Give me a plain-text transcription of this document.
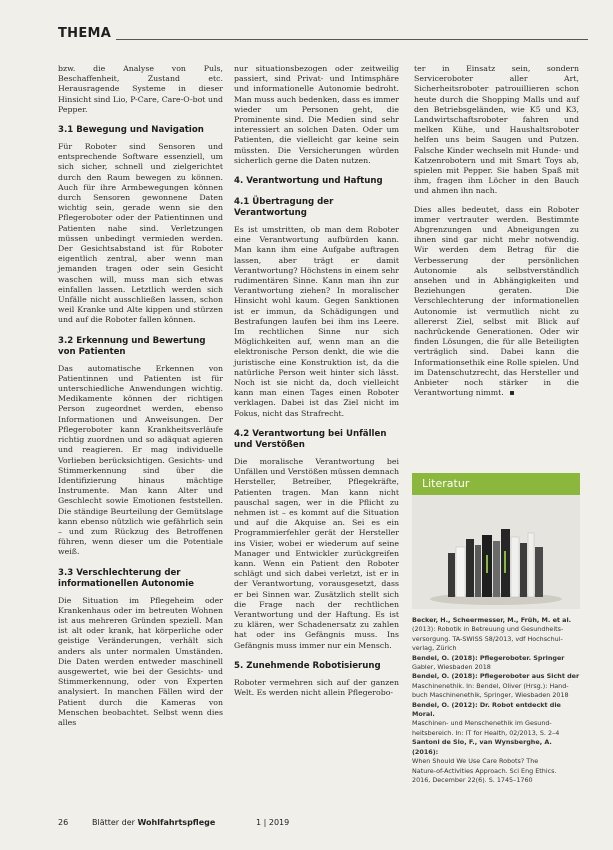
THEMA

bzw. die Analyse von Puls, Beschaffenheit, Zustand etc. Herausragende Systeme in dieser Hinsicht sind Lio, P-Care, Care-O-bot und Pepper.

3.1 Bewegung und Navigation

Für Roboter sind Sensoren und entsprechende Software essenziell, um sich sicher, schnell und zielgerichtet durch den Raum bewegen zu können. Auch für ihre Armbewegungen können durch Sensoren gewonnene Daten wichtig sein, gerade wenn sie den Pflegeroboter oder der Patientinnen und Patienten nahe sind. Verletzungen müssen unbedingt vermieden werden. Der Gesichtsabstand ist für Roboter eigentlich zentral, aber wenn man jemanden tragen oder sein Gesicht waschen will, muss man sich etwas einfallen lassen. Letztlich werden sich Unfälle nicht ausschließen lassen, schon weil Kranke und Alte kippen und stürzen und auf die Roboter fallen können.

3.2 Erkennung und Bewertung von Patienten

Das automatische Erkennen von Patientinnen und Patienten ist für unterschiedliche Anwendungen wichtig. Medikamente können der richtigen Person zugeordnet werden, ebenso Informationen und Anweisungen. Der Pflegeroboter kann Krankheitsverläufe richtig zuordnen und so adäquat agieren und reagieren. Er mag individuelle Vorlieben berücksichtigen. Gesichts- und Stimmerkennung sind über die Identifizierung hinaus mächtige Instrumente. Man kann Alter und Geschlecht sowie Emotionen feststellen. Die ständige Beurteilung der Gemütslage kann ebenso nützlich wie gefährlich sein – und zum Rückzug des Betroffenen führen, wenn dieser um die Potentiale weiß.

3.3 Verschlechterung der informationellen Autonomie

Die Situation im Pflegeheim oder Krankenhaus oder im betreuten Wohnen ist aus mehreren Gründen speziell. Man ist alt oder krank, hat körperliche oder geistige Veränderungen, verhält sich anders als unter normalen Umständen. Die Daten werden entweder maschinell ausgewertet, wie bei der Gesichts- und Stimmerkennung, oder von Experten analysiert. In manchen Fällen wird der Patient durch die Kameras von Menschen beobachtet. Selbst wenn dies alles

nur situationsbezogen oder zeitweilig passiert, sind Privat- und Intimsphäre und informationelle Autonomie bedroht. Man muss auch bedenken, dass es immer wieder um Personen geht, die Prominente sind. Die Medien sind sehr interessiert an solchen Daten. Oder um Patienten, die vielleicht gar keine sein müssten. Die Versicherungen würden sicherlich gerne die Daten nutzen.

4. Verantwortung und Haftung
4.1 Übertragung der Verantwortung

Es ist umstritten, ob man dem Roboter eine Verantwortung aufbürden kann. Man kann ihm eine Aufgabe auftragen lassen, aber trägt er damit Verantwortung? Höchstens in einem sehr rudimentären Sinne. Kann man ihn zur Verantwortung ziehen? In moralischer Hinsicht wohl kaum. Gegen Sanktionen ist er immun, da Schädigungen und Bestrafungen laufen bei ihm ins Leere. Im rechtlichen Sinne nur sich Möglichkeiten auf, wenn man an die elektronische Person denkt, die wie die juristische eine Konstruktion ist, da die natürliche Person weit hinter sich lässt. Noch ist sie nicht da, doch vielleicht kann man einen Tages einen Roboter verklagen. Dabei ist das Ziel nicht im Fokus, nicht das Strafrecht.

4.2 Verantwortung bei Unfällen und Verstößen

Die moralische Verantwortung bei Unfällen und Verstößen müssen demnach Hersteller, Betreiber, Pflegekräfte, Patienten tragen. Man kann nicht pauschal sagen, wer in die Pflicht zu nehmen ist – es kommt auf die Situation und auf die Akquise an. Sei es ein Programmierfehler gerät der Hersteller ins Visier, wobei er wiederum auf seine Manager und Entwickler zurückgreifen kann. Wenn ein Patient den Roboter schlägt und sich dabei verletzt, ist er in der Verantwortung, vorausgesetzt, dass er bei Sinnen war. Zusätzlich stellt sich die Frage nach der rechtlichen Verantwortung und der Haftung. Es ist zu klären, wer Schadenersatz zu zahlen hat oder ins Gefängnis muss. Ins Gefängnis muss immer nur ein Mensch.

5. Zunehmende Robotisierung

Roboter vermehren sich auf der ganzen Welt. Es werden nicht allein Pflegerobo-

ter in Einsatz sein, sondern Serviceroboter aller Art, Sicherheitsroboter patrouillieren schon heute durch die Shopping Malls und auf den Betriebsgeländen, wie K5 und K3, Landwirtschaftsroboter fahren und melken Kühe, und Haushaltsroboter helfen uns beim Saugen und Putzen. Falsche Kinder wechseln mit Hunde- und Katzenrobotern und mit Smart Toys ab, spielen mit Pepper. Sie haben Spaß mit ihm, fragen ihm Löcher in den Bauch und ahmen ihn nach.

Dies alles bedeutet, dass ein Roboter immer vertrauter werden. Bestimmte Abgrenzungen und Abneigungen zu ihnen sind gar nicht mehr notwendig. Wir werden dem Betrag für die Verbesserung der persönlichen Autonomie als selbstverständlich ansehen und in Abhängigkeiten und Beziehungen geraten. Die Verschlechterung der informationellen Autonomie ist vermutlich nicht zu allererst Ziel, selbst mit Blick auf nachrückende Generationen. Oder wir finden Lösungen, die für alle Beteiligten verträglich sind. Dabei kann die Informationsethik eine Rolle spielen. Und im Datenschutzrecht, das Hersteller und Anbieter noch stärker in die Verantwortung nimmt.

Literatur
Becker, H., Scheermesser, M., Früh, M. et al.
(2013): Robotik in Betreuung und Gesundheits-
versorgung. TA-SWISS 58/2013, vdf Hochschul-
verlag, Zürich
Bendel, O. (2018): Pflegeroboter. Springer
Gabler, Wiesbaden 2018
Bendel, O. (2018): Pflegeroboter aus Sicht der
Maschinenethik. In: Bendel, Oliver (Hrsg.): Hand-
buch Maschinenethik, Springer, Wiesbaden 2018
Bendel, O. (2012): Dr. Robot entdeckt die Moral.
Maschinen- und Menschenethik im Gesund-
heitsbereich. In: IT for Health, 02/2013, S. 2–4
Santoni de Sio, F., van Wynsberghe, A. (2016):
When Should We Use Care Robots? The
Nature-of-Activities Approach. Sci Eng Ethics.
2016, December 22(6). S. 1745–1760
26	Blätter der Wohlfahrtspflege	1 | 2019
